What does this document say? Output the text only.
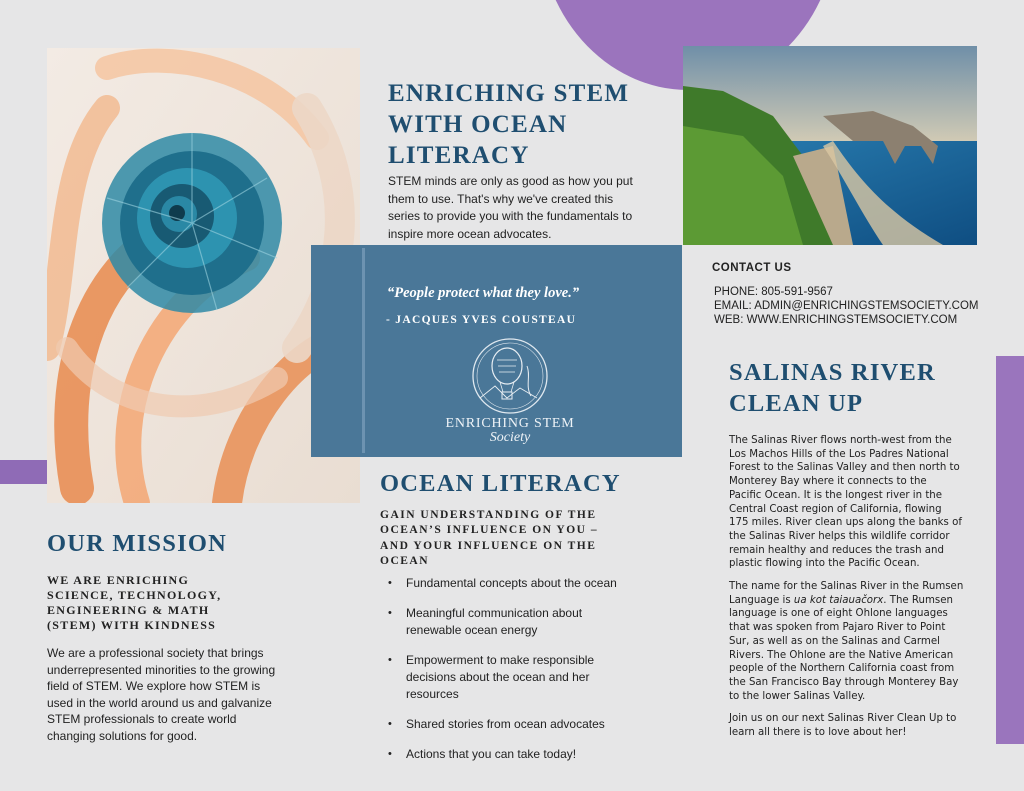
ENRICHING STEM
WITH OCEAN
LITERACY
STEM minds are only as good as how you put
them to use. That's why we've created this
series to provide you with the fundamentals to
inspire more ocean advocates.
“People protect what they love.”
- JACQUES YVES COUSTEAU
ENRICHING STEM
Society
CONTACT US
PHONE: 805-591-9567
EMAIL: ADMIN@ENRICHINGSTEMSOCIETY.COM
WEB: WWW.ENRICHINGSTEMSOCIETY.COM
OUR MISSION
WE ARE ENRICHING
SCIENCE, TECHNOLOGY,
ENGINEERING & MATH
(STEM) WITH KINDNESS
We are a professional society that brings
underrepresented minorities to the growing
field of STEM. We explore how STEM is
used in the world around us and galvanize
STEM professionals to create world
changing solutions for good.
OCEAN LITERACY
GAIN UNDERSTANDING OF THE
OCEAN’S INFLUENCE ON YOU –
AND YOUR INFLUENCE ON THE
OCEAN
• Fundamental concepts about the ocean
• Meaningful communication about
renewable ocean energy
• Empowerment to make responsible
decisions about the ocean and her
resources
• Shared stories from ocean advocates
• Actions that you can take today!
SALINAS RIVER
CLEAN UP
The Salinas River flows north-west from the
Los Machos Hills of the Los Padres National
Forest to the Salinas Valley and then north to
Monterey Bay where it connects to the
Pacific Ocean. It is the longest river in the
Central Coast region of California, flowing
175 miles. River clean ups along the banks of
the Salinas River helps this wildlife corridor
remain healthy and reduces the trash and
plastic flowing into the Pacific Ocean.
The name for the Salinas River in the Rumsen
Language is ua kot taiauačorx. The Rumsen
language is one of eight Ohlone languages
that was spoken from Pajaro River to Point
Sur, as well as on the Salinas and Carmel
Rivers. The Ohlone are the Native American
people of the Northern California coast from
the San Francisco Bay through Monterey Bay
to the lower Salinas Valley.
Join us on our next Salinas River Clean Up to
learn all there is to love about her!
